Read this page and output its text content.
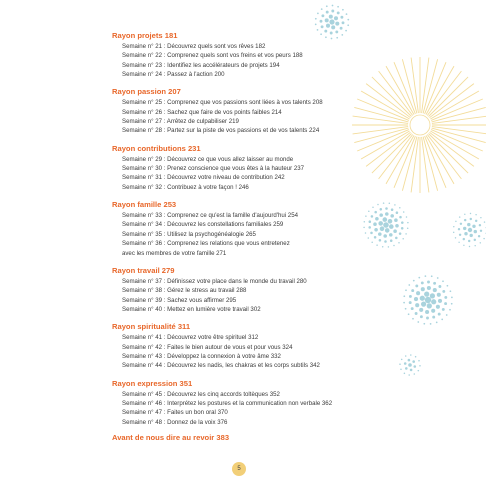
Rayon projets 181
Semaine n° 21 : Découvrez quels sont vos rêves 182
Semaine n° 22 : Comprenez quels sont vos freins et vos peurs 188
Semaine n° 23 : Identifiez les accélérateurs de projets 194
Semaine n° 24 : Passez à l'action 200
Rayon passion 207
Semaine n° 25 : Comprenez que vos passions sont liées à vos talents 208
Semaine n° 26 : Sachez que faire de vos points faibles 214
Semaine n° 27 : Arrêtez de culpabiliser 219
Semaine n° 28 : Partez sur la piste de vos passions et de vos talents 224
Rayon contributions 231
Semaine n° 29 : Découvrez ce que vous allez laisser au monde
Semaine n° 30 : Prenez conscience que vous êtes à la hauteur 237
Semaine n° 31 : Découvrez votre niveau de contribution 242
Semaine n° 32 : Contribuez à votre façon ! 246
Rayon famille 253
Semaine n° 33 : Comprenez ce qu'est la famille d'aujourd'hui 254
Semaine n° 34 : Découvrez les constellations familiales 259
Semaine n° 35 : Utilisez la psychogénéalogie 265
Semaine n° 36 : Comprenez les relations que vous entretenez
avec les membres de votre famille 271
Rayon travail 279
Semaine n° 37 : Définissez votre place dans le monde du travail 280
Semaine n° 38 : Gérez le stress au travail 288
Semaine n° 39 : Sachez vous affirmer 295
Semaine n° 40 : Mettez en lumière votre travail 302
Rayon spiritualité 311
Semaine n° 41 : Découvrez votre être spirituel 312
Semaine n° 42 : Faites le bien autour de vous et pour vous 324
Semaine n° 43 : Développez la connexion à votre âme 332
Semaine n° 44 : Découvrez les nadis, les chakras et les corps subtils 342
Rayon expression 351
Semaine n° 45 : Découvrez les cinq accords toltèques 352
Semaine n° 46 : Interprétez les postures et la communication non verbale 362
Semaine n° 47 : Faites un bon oral 370
Semaine n° 48 : Donnez de la voix 376
Avant de nous dire au revoir 383
5
